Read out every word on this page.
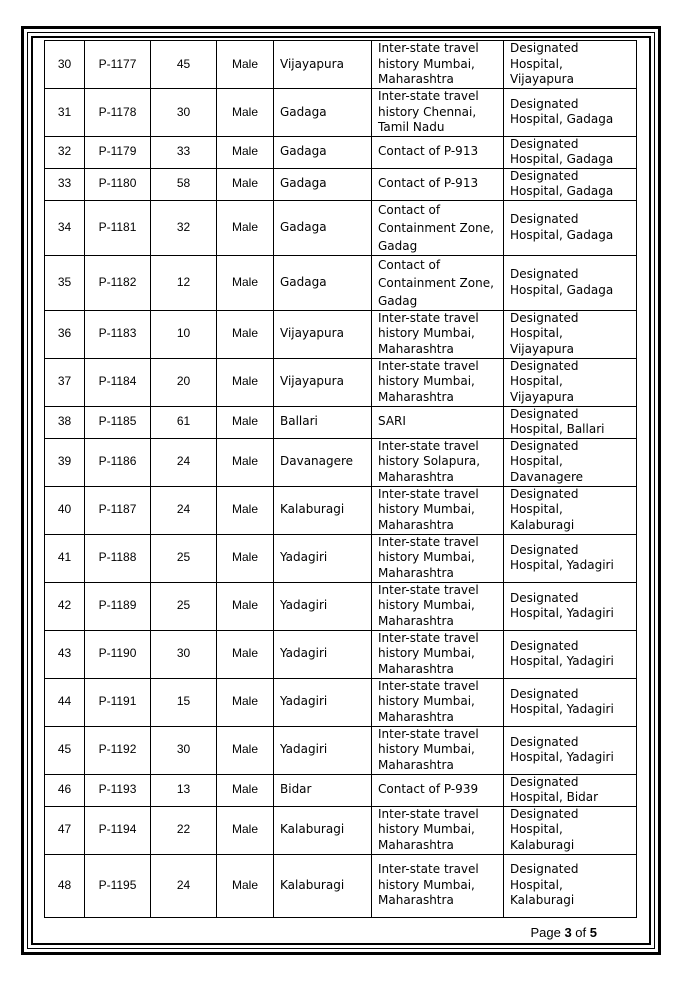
30	P-1177	45	Male	Vijayapura	Inter-state travel history Mumbai, Maharashtra	Designated Hospital, Vijayapura
31	P-1178	30	Male	Gadaga	Inter-state travel history Chennai, Tamil Nadu	Designated Hospital, Gadaga
32	P-1179	33	Male	Gadaga	Contact of P-913	Designated Hospital, Gadaga
33	P-1180	58	Male	Gadaga	Contact of P-913	Designated Hospital, Gadaga
34	P-1181	32	Male	Gadaga	Contact of Containment Zone, Gadag	Designated Hospital, Gadaga
35	P-1182	12	Male	Gadaga	Contact of Containment Zone, Gadag	Designated Hospital, Gadaga
36	P-1183	10	Male	Vijayapura	Inter-state travel history Mumbai, Maharashtra	Designated Hospital, Vijayapura
37	P-1184	20	Male	Vijayapura	Inter-state travel history Mumbai, Maharashtra	Designated Hospital, Vijayapura
38	P-1185	61	Male	Ballari	SARI	Designated Hospital, Ballari
39	P-1186	24	Male	Davanagere	Inter-state travel history Solapura, Maharashtra	Designated Hospital, Davanagere
40	P-1187	24	Male	Kalaburagi	Inter-state travel history Mumbai, Maharashtra	Designated Hospital, Kalaburagi
41	P-1188	25	Male	Yadagiri	Inter-state travel history Mumbai, Maharashtra	Designated Hospital, Yadagiri
42	P-1189	25	Male	Yadagiri	Inter-state travel history Mumbai, Maharashtra	Designated Hospital, Yadagiri
43	P-1190	30	Male	Yadagiri	Inter-state travel history Mumbai, Maharashtra	Designated Hospital, Yadagiri
44	P-1191	15	Male	Yadagiri	Inter-state travel history Mumbai, Maharashtra	Designated Hospital, Yadagiri
45	P-1192	30	Male	Yadagiri	Inter-state travel history Mumbai, Maharashtra	Designated Hospital, Yadagiri
46	P-1193	13	Male	Bidar	Contact of P-939	Designated Hospital, Bidar
47	P-1194	22	Male	Kalaburagi	Inter-state travel history Mumbai, Maharashtra	Designated Hospital, Kalaburagi
48	P-1195	24	Male	Kalaburagi	Inter-state travel history Mumbai, Maharashtra	Designated Hospital, Kalaburagi
Page 3 of 5
